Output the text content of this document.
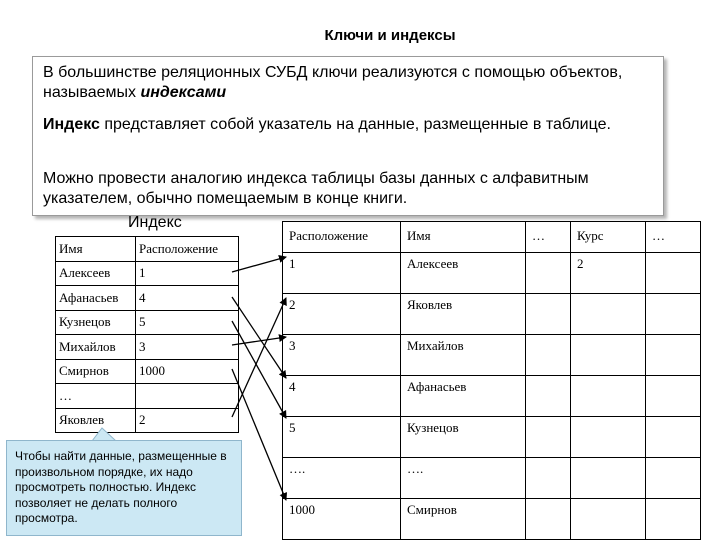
Ключи и индексы
В большинстве реляционных СУБД ключи реализуются с помощью объектов, называемых индексами
Индекс представляет собой указатель на данные, размещенные в таблице.
Можно провести аналогию индекса таблицы базы данных с алфавитным указателем, обычно помещаемым в конце книги.
Индекс
Имя	Расположение
Алексеев	1
Афанасьев	4
Кузнецов	5
Михайлов	3
Смирнов	1000
…	
Яковлев	2
Расположение	Имя	…	Курс	…
1	Алексеев		2	
2	Яковлев			
3	Михайлов			
4	Афанасьев			
5	Кузнецов			
….	….			
1000	Смирнов			
Чтобы найти данные, размещенные в произвольном порядке, их надо просмотреть полностью. Индекс позволяет не делать полного просмотра.
